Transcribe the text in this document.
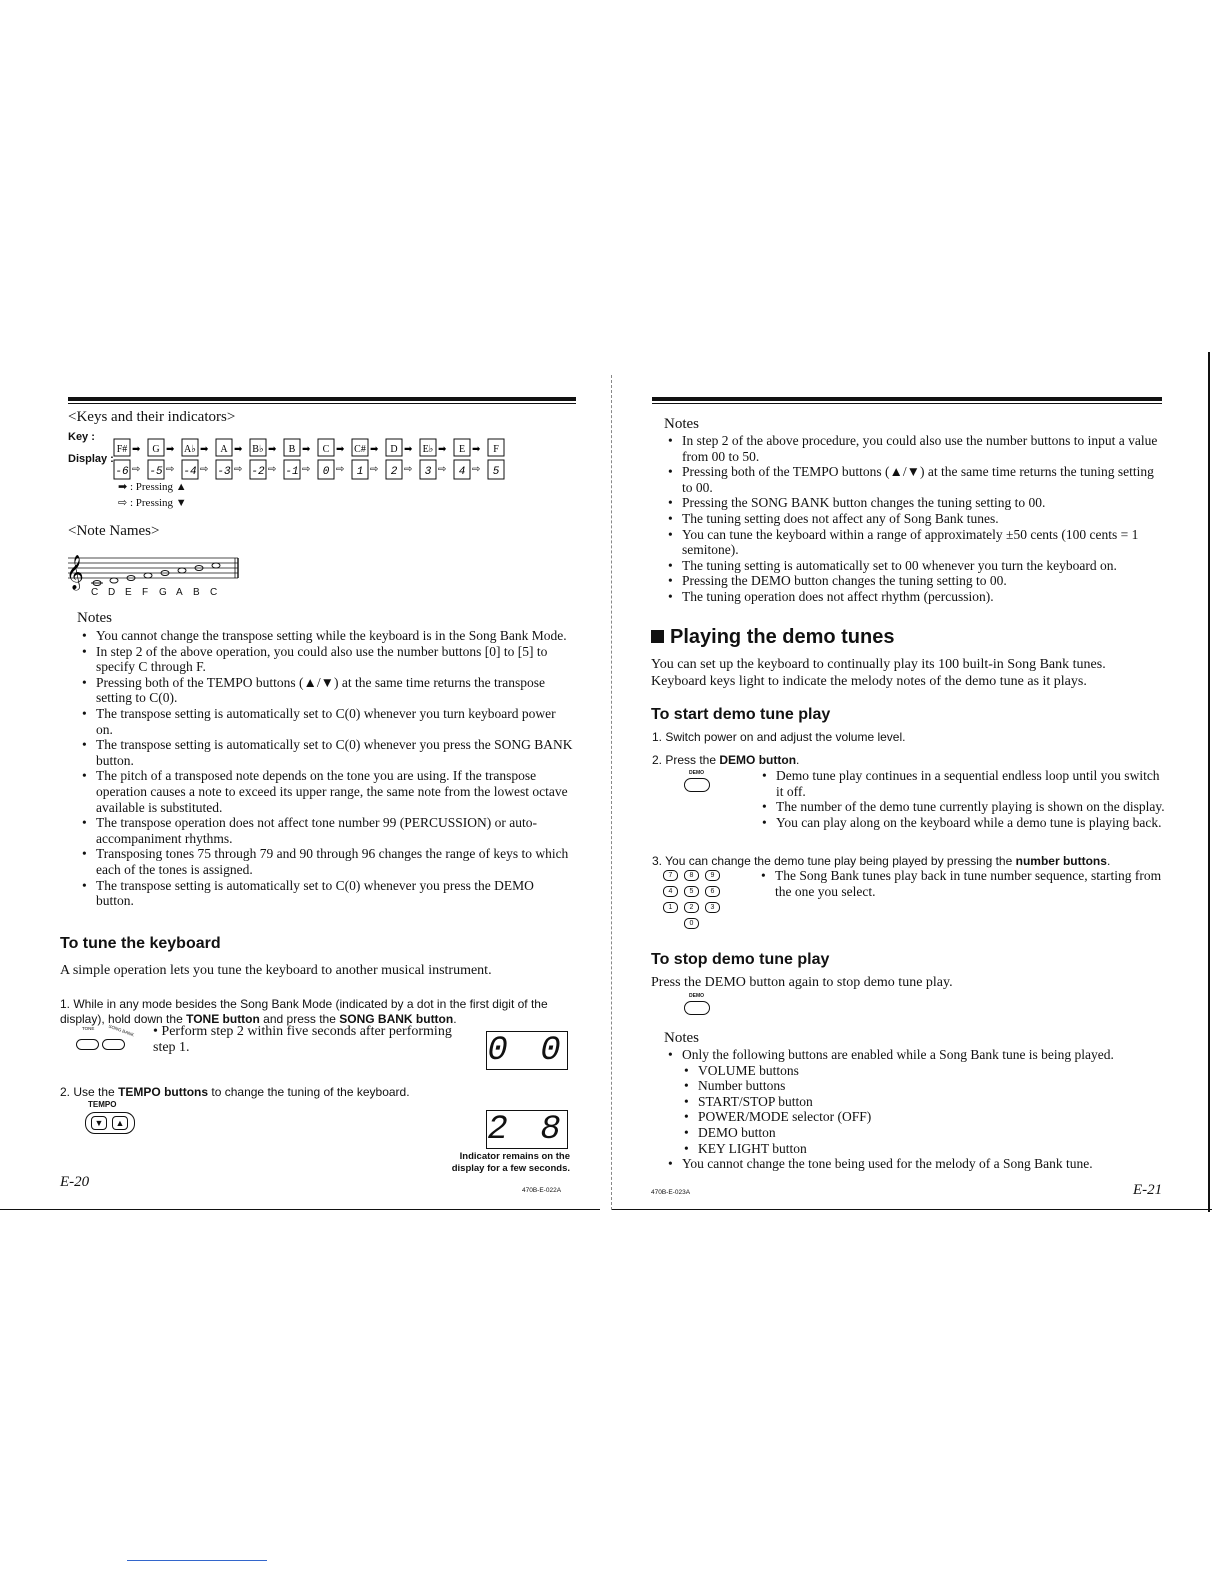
<Keys and their indicators>
Key :
Display :
F#
-6
➡
⇨
G
-5
➡
⇨
A♭
-4
➡
⇨
A
-3
➡
⇨
B♭
-2
➡
⇨
B
-1
➡
⇨
C
0
➡
⇨
C#
1
➡
⇨
D
2
➡
⇨
E♭
3
➡
⇨
E
4
➡
⇨
F
5
➡ : Pressing ▲
⇨ : Pressing ▼
<Note Names>
𝄞
C D E F G A B C
Notes
• You cannot change the transpose setting while the keyboard is in the Song Bank Mode.
• In step 2 of the above operation, you could also use the number buttons [0] to [5] to specify C through F.
• Pressing both of the TEMPO buttons (▲/▼) at the same time returns the transpose setting to C(0).
• The transpose setting is automatically set to C(0) whenever you turn keyboard power on.
• The transpose setting is automatically set to C(0) whenever you press the SONG BANK button.
• The pitch of a transposed note depends on the tone you are using. If the transpose operation causes a note to exceed its upper range, the same note from the lowest octave available is substituted.
• The transpose operation does not affect tone number 99 (PERCUSSION) or auto-accompaniment rhythms.
• Transposing tones 75 through 79 and 90 through 96 changes the range of keys to which each of the tones is assigned.
• The transpose setting is automatically set to C(0) whenever you press the DEMO button.
To tune the keyboard
A simple operation lets you tune the keyboard to another musical instrument.
1. While in any mode besides the Song Bank Mode (indicated by a dot in the first digit of the display), hold down the TONE button and press the SONG BANK button.
TONE	SONG BANK • Perform step 2 within five seconds after performing step 1.	0 0
2. Use the TEMPO buttons to change the tuning of the keyboard.
TEMPO
▼	▲	2 8
Indicator remains on the display for a few seconds.
E-20
470B-E-022A
Notes
• In step 2 of the above procedure, you could also use the number buttons to input a value from 00 to 50.
• Pressing both of the TEMPO buttons (▲/▼) at the same time returns the tuning setting to 00.
• Pressing the SONG BANK button changes the tuning setting to 00.
• The tuning setting does not affect any of Song Bank tunes.
• You can tune the keyboard within a range of approximately ±50 cents (100 cents = 1 semitone).
• The tuning setting is automatically set to 00 whenever you turn the keyboard on.
• Pressing the DEMO button changes the tuning setting to 00.
• The tuning operation does not affect rhythm (percussion).
Playing the demo tunes
You can set up the keyboard to continually play its 100 built-in Song Bank tunes.
Keyboard keys light to indicate the melody notes of the demo tune as it plays.
To start demo tune play
1. Switch power on and adjust the volume level.
2. Press the DEMO button.
DEMO
•	Demo tune play continues in a sequential endless loop until you switch it off.
• The number of the demo tune currently playing is shown on the display.
• You can play along on the keyboard while a demo tune is playing back.
3. You can change the demo tune play being played by pressing the number buttons.
7	8	9
4	5	6
1	2	3
0
• The Song Bank tunes play back in tune number sequence, starting from the one you select.
To stop demo tune play
Press the DEMO button again to stop demo tune play.
DEMO
Notes
• Only the following buttons are enabled while a Song Bank tune is being played.
• VOLUME buttons
• Number buttons
• START/STOP button
• POWER/MODE selector (OFF)
• DEMO button
• KEY LIGHT button
• You cannot change the tone being used for the melody of a Song Bank tune.
470B-E-023A	E-21
